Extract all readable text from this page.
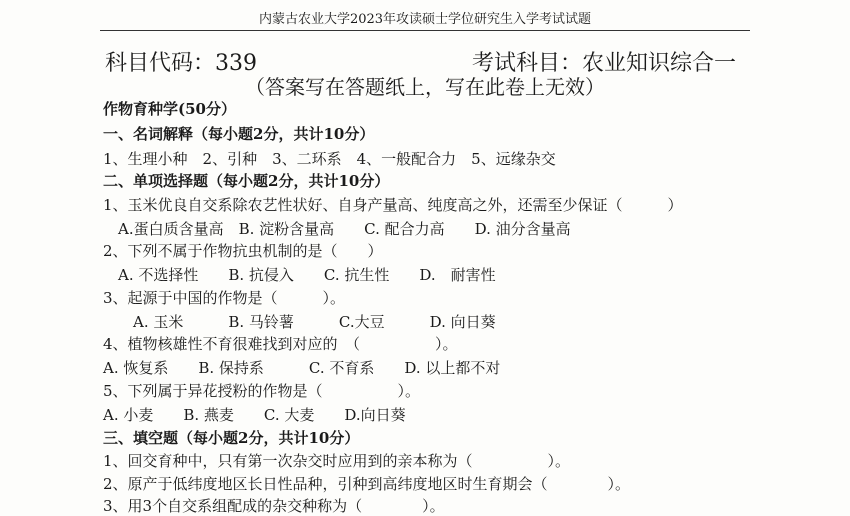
内蒙古农业大学2023年攻读硕士学位研究生入学考试试题
科目代码：339	考试科目：农业知识综合一
（答案写在答题纸上，写在此卷上无效）
作物育种学(50分）
一、名词解释（每小题2分，共计10分）
1、生理小种　2、引种　3、二环系　4、一般配合力　5、远缘杂交
二、单项选择题（每小题2分，共计10分）
1、玉米优良自交系除农艺性状好、自身产量高、纯度高之外，还需至少保证（　　　）
A.蛋白质含量高　B. 淀粉含量高　　C. 配合力高　　D. 油分含量高
2、下列不属于作物抗虫机制的是（　　）
A. 不选择性　　B. 抗侵入　　C. 抗生性　　D.　耐害性
3、起源于中国的作物是（　　　）。
A. 玉米　　　B. 马铃薯　　　C.大豆　　　D. 向日葵
4、植物核雄性不育很难找到对应的　（　　　　　）。
A. 恢复系　　B. 保持系　　　C. 不育系　　D. 以上都不对
5、下列属于异花授粉的作物是（　　　　　）。
A. 小麦　　B. 燕麦　　C. 大麦　　D.向日葵
三、填空题（每小题2分，共计10分）
1、回交育种中，只有第一次杂交时应用到的亲本称为（　　　　　）。
2、原产于低纬度地区长日性品种，引种到高纬度地区时生育期会（　　　　）。
3、用3个自交系组配成的杂交种称为（　　　　）。
